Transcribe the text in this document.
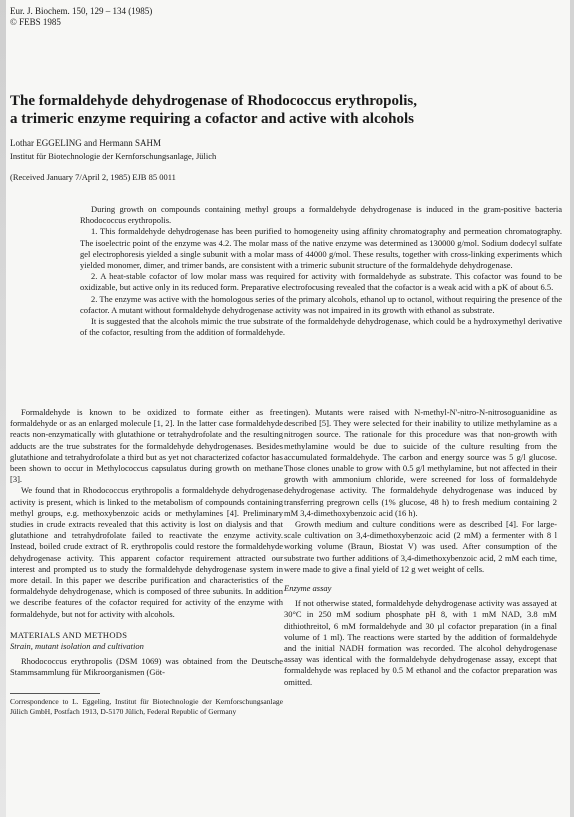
Eur. J. Biochem. 150, 129 – 134 (1985)
© FEBS 1985
The formaldehyde dehydrogenase of Rhodococcus erythropolis,
a trimeric enzyme requiring a cofactor and active with alcohols
Lothar EGGELING and Hermann SAHM
Institut für Biotechnologie der Kernforschungsanlage, Jülich
(Received January 7/April 2, 1985) EJB 85 0011

During growth on compounds containing methyl groups a formaldehyde dehydrogenase is induced in the gram-positive bacteria Rhodococcus erythropolis.

1. This formaldehyde dehydrogenase has been purified to homogeneity using affinity chromatography and permeation chromatography. The isoelectric point of the enzyme was 4.2. The molar mass of the native enzyme was determined as 130000 g/mol. Sodium dodecyl sulfate gel electrophoresis yielded a single subunit with a molar mass of 44000 g/mol. These results, together with cross-linking experiments which yielded monomer, dimer, and trimer bands, are consistent with a trimeric subunit structure of the formaldehyde dehydrogenase.

2. A heat-stable cofactor of low molar mass was required for activity with formaldehyde as substrate. This cofactor was found to be oxidizable, but active only in its reduced form. Preparative electrofocusing revealed that the cofactor is a weak acid with a pK of about 6.5.

2. The enzyme was active with the homologous series of the primary alcohols, ethanol up to octanol, without requiring the presence of the cofactor. A mutant without formaldehyde dehydrogenase activity was not impaired in its growth with ethanol as substrate.

It is suggested that the alcohols mimic the true substrate of the formaldehyde dehydrogenase, which could be a hydroxymethyl derivative of the cofactor, resulting from the addition of formaldehyde.

Formaldehyde is known to be oxidized to formate either as free formaldehyde or as an enlarged molecule [1, 2]. In the latter case formaldehyde reacts non-enzymatically with glutathione or tetrahydrofolate and the resulting adducts are the true substrates for the formaldehyde dehydrogenases. Besides glutathione and tetrahydrofolate a third but as yet not characterized cofactor has been shown to occur in Methylococcus capsulatus during growth on methane [3].

We found that in Rhodococcus erythropolis a formaldehyde dehydrogenase activity is present, which is linked to the metabolism of compounds containing methyl groups, e.g. methoxybenzoic acids or methylamines [4]. Preliminary studies in crude extracts revealed that this activity is lost on dialysis and that glutathione and tetrahydrofolate failed to reactivate the enzyme activity. Instead, boiled crude extract of R. erythropolis could restore the formaldehyde dehydrogenase activity. This apparent cofactor requirement attracted our interest and prompted us to study the formaldehyde dehydrogenase system in more detail. In this paper we describe purification and characteristics of the formaldehyde dehydrogenase, which is composed of three subunits. In addition we describe features of the cofactor required for activity of the enzyme with formaldehyde, but not for activity with alcohols.

MATERIALS AND METHODS

Strain, mutant isolation and cultivation

Rhodococcus erythropolis (DSM 1069) was obtained from the Deutsche Stammsammlung für Mikroorganismen (Göt-

Correspondence to L. Eggeling, Institut für Biotechnologie der Kernforschungsanlage Jülich GmbH, Postfach 1913, D-5170 Jülich, Federal Republic of Germany

tingen). Mutants were raised with N-methyl-N'-nitro-N-nitrosoguanidine as described [5]. They were selected for their inability to utilize methylamine as a nitrogen source. The rationale for this procedure was that non-growth with methylamine would be due to suicide of the culture resulting from the accumulated formaldehyde. The carbon and energy source was 5 g/l glucose. Those clones unable to grow with 0.5 g/l methylamine, but not affected in their growth with ammonium chloride, were screened for loss of formaldehyde dehydrogenase activity. The formaldehyde dehydrogenase was induced by transferring pregrown cells (1% glucose, 48 h) to fresh medium containing 2 mM 3,4-dimethoxybenzoic acid (16 h).

Growth medium and culture conditions were as described [4]. For large-scale cultivation on 3,4-dimethoxybenzoic acid (2 mM) a fermenter with 8 l working volume (Braun, Biostat V) was used. After consumption of the substrate two further additions of 3,4-dimethoxybenzoic acid, 2 mM each time, were made to give a final yield of 12 g wet weight of cells.

Enzyme assay

If not otherwise stated, formaldehyde dehydrogenase activity was assayed at 30°C in 250 mM sodium phosphate pH 8, with 1 mM NAD, 3.8 mM dithiothreitol, 6 mM formaldehyde and 30 µl cofactor preparation (in a final volume of 1 ml). The reactions were started by the addition of formaldehyde and the initial NADH formation was recorded. The alcohol dehydrogenase assay was identical with the formaldehyde dehydrogenase assay, except that formaldehyde was replaced by 0.5 M ethanol and the cofactor preparation was omitted.
